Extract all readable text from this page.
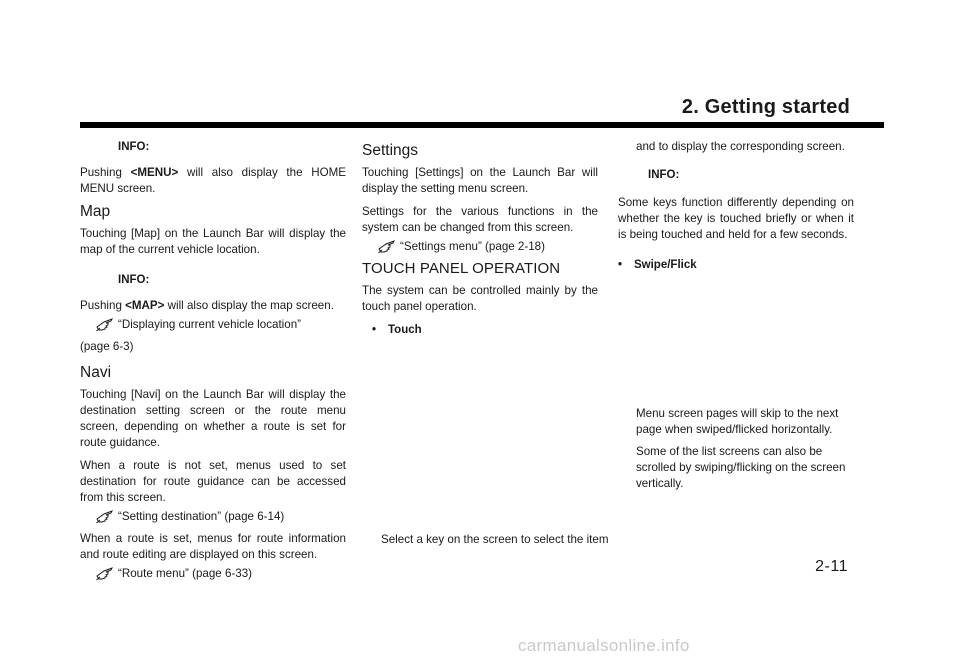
2. Getting started

INFO:

Pushing <MENU> will also display the HOME MENU screen.

Map

Touching [Map] on the Launch Bar will display the map of the current vehicle location.

INFO:

Pushing <MAP> will also display the map screen.

“Displaying current vehicle location”

(page 6-3)

Navi

Touching [Navi] on the Launch Bar will display the destination setting screen or the route menu screen, depending on whether a route is set for route guidance.

When a route is not set, menus used to set destination for route guidance can be accessed from this screen.

“Setting destination” (page 6-14)

When a route is set, menus for route information and route editing are displayed on this screen.

“Route menu” (page 6-33)
Settings

Touching [Settings] on the Launch Bar will display the setting menu screen.

Settings for the various functions in the system can be changed from this screen.

“Settings menu” (page 2-18)
TOUCH PANEL OPERATION

The system can be controlled mainly by the touch panel operation.

•	Touch
Select a key on the screen to select the item

and to display the corresponding screen.

INFO:

Some keys function differently depending on whether the key is touched briefly or when it is being touched and held for a few seconds.

•	Swipe/Flick

Menu screen pages will skip to the next page when swiped/flicked horizontally.

Some of the list screens can also be scrolled by swiping/flicking on the screen vertically.

2-11
carmanualsonline.info
